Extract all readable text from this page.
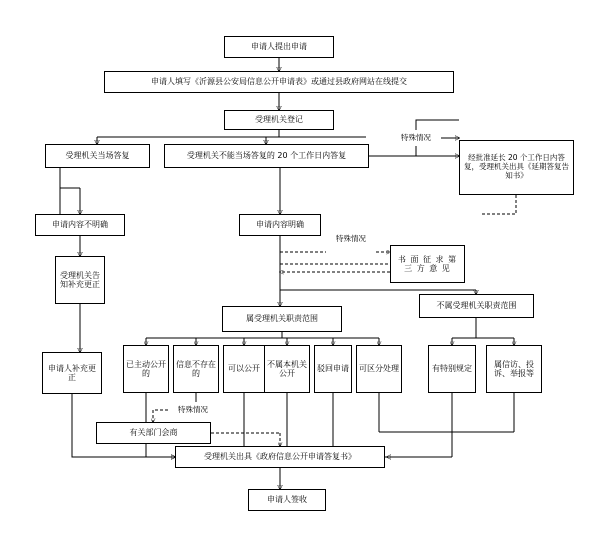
申请人提出申请
申请人填写《沂源县公安局信息公开申请表》或通过县政府网站在线提交
受理机关登记
受理机关当场答复	受理机关不能当场答复的 20 个工作日内答复	经批准延长 20 个工作日内答复，受理机关出具《延期答复告知书》
申请内容不明确	申请内容明确
书 面 征 求 第 三 方 意 见
受理机关告知补充更正
属受理机关职责范围
不属受理机关职责范围
申请人补充更正
已主动公开的
信息不存在的
可以公开
不属本机关公开
驳回申请	可区分处理	有特别规定
属信访、投诉、举报等
有关部门会商
受理机关出具《政府信息公开申请答复书》
申请人签收
特殊情况
特殊情况
特殊情况
